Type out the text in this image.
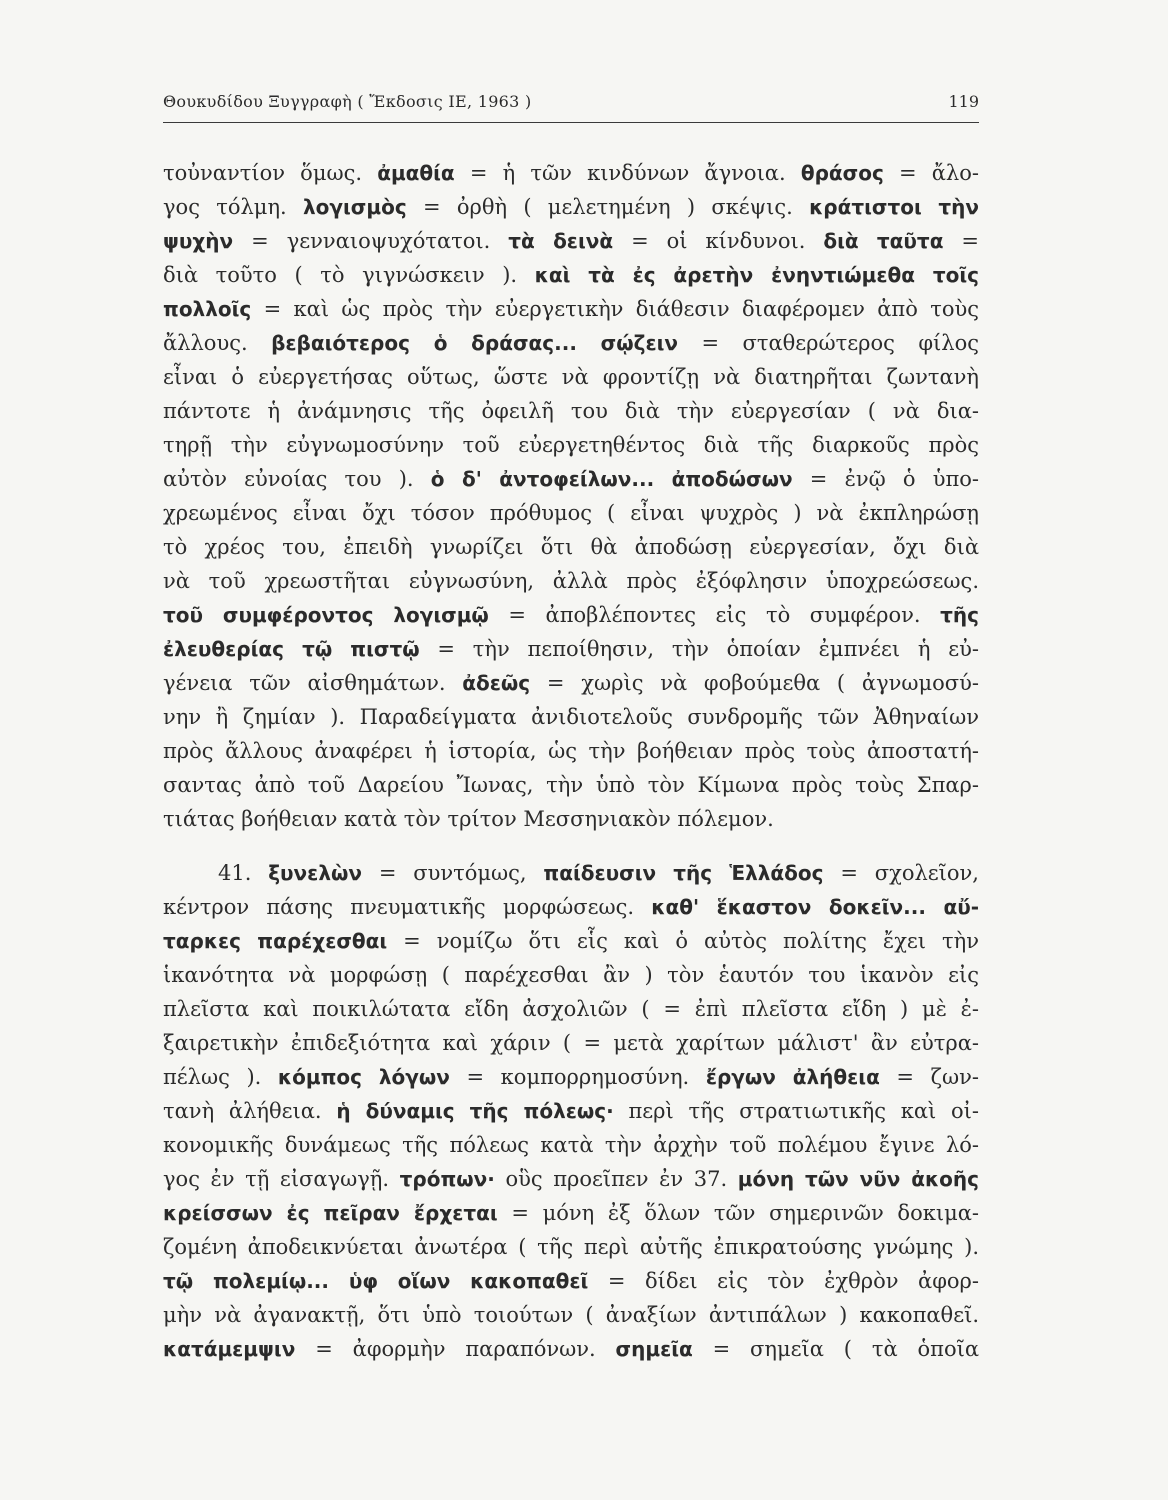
Θουκυδίδου Ξυγγραφὴ ( Ἔκδοσις ΙΕ, 1963 )	119
τοὐναντίον ὅμως. ἀμαθία = ἡ τῶν κινδύνων ἄγνοια. θράσος = ἄλο-
γος τόλμη. λογισμὸς = ὀρθὴ ( μελετημένη ) σκέψις. κράτιστοι τὴν
ψυχὴν = γενναιοψυχότατοι. τὰ δεινὰ = οἱ κίνδυνοι. διὰ ταῦτα =
διὰ τοῦτο ( τὸ γιγνώσκειν ). καὶ τὰ ἐς ἀρετὴν ἐνηντιώμεθα τοῖς
πολλοῖς = καὶ ὡς πρὸς τὴν εὐεργετικὴν διάθεσιν διαφέρομεν ἀπὸ τοὺς
ἄλλους. βεβαιότερος ὁ δράσας... σῴζειν = σταθερώτερος φίλος
εἶναι ὁ εὐεργετήσας οὕτως, ὥστε νὰ φροντίζῃ νὰ διατηρῆται ζωντανὴ
πάντοτε ἡ ἀνάμνησις τῆς ὀφειλῆ του διὰ τὴν εὐεργεσίαν ( νὰ δια-
τηρῇ τὴν εὐγνωμοσύνην τοῦ εὐεργετηθέντος διὰ τῆς διαρκοῦς πρὸς
αὐτὸν εὐνοίας του ). ὁ δ' ἀντοφείλων... ἀποδώσων = ἐνῷ ὁ ὑπο-
χρεωμένος εἶναι ὄχι τόσον πρόθυμος ( εἶναι ψυχρὸς ) νὰ ἐκπληρώσῃ
τὸ χρέος του, ἐπειδὴ γνωρίζει ὅτι θὰ ἀποδώσῃ εὐεργεσίαν, ὄχι διὰ
νὰ τοῦ χρεωστῆται εὐγνωσύνη, ἀλλὰ πρὸς ἐξόφλησιν ὑποχρεώσεως.
τοῦ συμφέροντος λογισμῷ = ἀποβλέποντες εἰς τὸ συμφέρον. τῆς
ἐλευθερίας τῷ πιστῷ = τὴν πεποίθησιν, τὴν ὁποίαν ἐμπνέει ἡ εὐ-
γένεια τῶν αἰσθημάτων. ἀδεῶς = χωρὶς νὰ φοβούμεθα ( ἀγνωμοσύ-
νην ἢ ζημίαν ). Παραδείγματα ἀνιδιοτελοῦς συνδρομῆς τῶν Ἀθηναίων
πρὸς ἄλλους ἀναφέρει ἡ ἱστορία, ὡς τὴν βοήθειαν πρὸς τοὺς ἀποστατή-
σαντας ἀπὸ τοῦ Δαρείου Ἴωνας, τὴν ὑπὸ τὸν Κίμωνα πρὸς τοὺς Σπαρ-
τιάτας βοήθειαν κατὰ τὸν τρίτον Μεσσηνιακὸν πόλεμον.
41. ξυνελὼν = συντόμως, παίδευσιν τῆς Ἑλλάδος = σχολεῖον,
κέντρον πάσης πνευματικῆς μορφώσεως. καθ' ἕκαστον δοκεῖν... αὔ-
ταρκες παρέχεσθαι = νομίζω ὅτι εἷς καὶ ὁ αὐτὸς πολίτης ἔχει τὴν
ἱκανότητα νὰ μορφώσῃ ( παρέχεσθαι ἂν ) τὸν ἑαυτόν του ἱκανὸν εἰς
πλεῖστα καὶ ποικιλώτατα εἴδη ἀσχολιῶν ( = ἐπὶ πλεῖστα εἴδη ) μὲ ἐ-
ξαιρετικὴν ἐπιδεξιότητα καὶ χάριν ( = μετὰ χαρίτων μάλιστ' ἂν εὐτρα-
πέλως ). κόμπος λόγων = κομπορρημοσύνη. ἔργων ἀλήθεια = ζων-
τανὴ ἀλήθεια. ἡ δύναμις τῆς πόλεως· περὶ τῆς στρατιωτικῆς καὶ οἰ-
κονομικῆς δυνάμεως τῆς πόλεως κατὰ τὴν ἀρχὴν τοῦ πολέμου ἔγινε λό-
γος ἐν τῇ εἰσαγωγῇ. τρόπων· οὓς προεῖπεν ἐν 37. μόνη τῶν νῦν ἀκοῆς
κρείσσων ἐς πεῖραν ἔρχεται = μόνη ἐξ ὅλων τῶν σημερινῶν δοκιμα-
ζομένη ἀποδεικνύεται ἀνωτέρα ( τῆς περὶ αὐτῆς ἐπικρατούσης γνώμης ).
τῷ πολεμίῳ... ὑφ οἵων κακοπαθεῖ = δίδει εἰς τὸν ἐχθρὸν ἀφορ-
μὴν νὰ ἀγανακτῇ, ὅτι ὑπὸ τοιούτων ( ἀναξίων ἀντιπάλων ) κακοπαθεῖ.
κατάμεμψιν = ἀφορμὴν παραπόνων. σημεῖα = σημεῖα ( τὰ ὁποῖα
